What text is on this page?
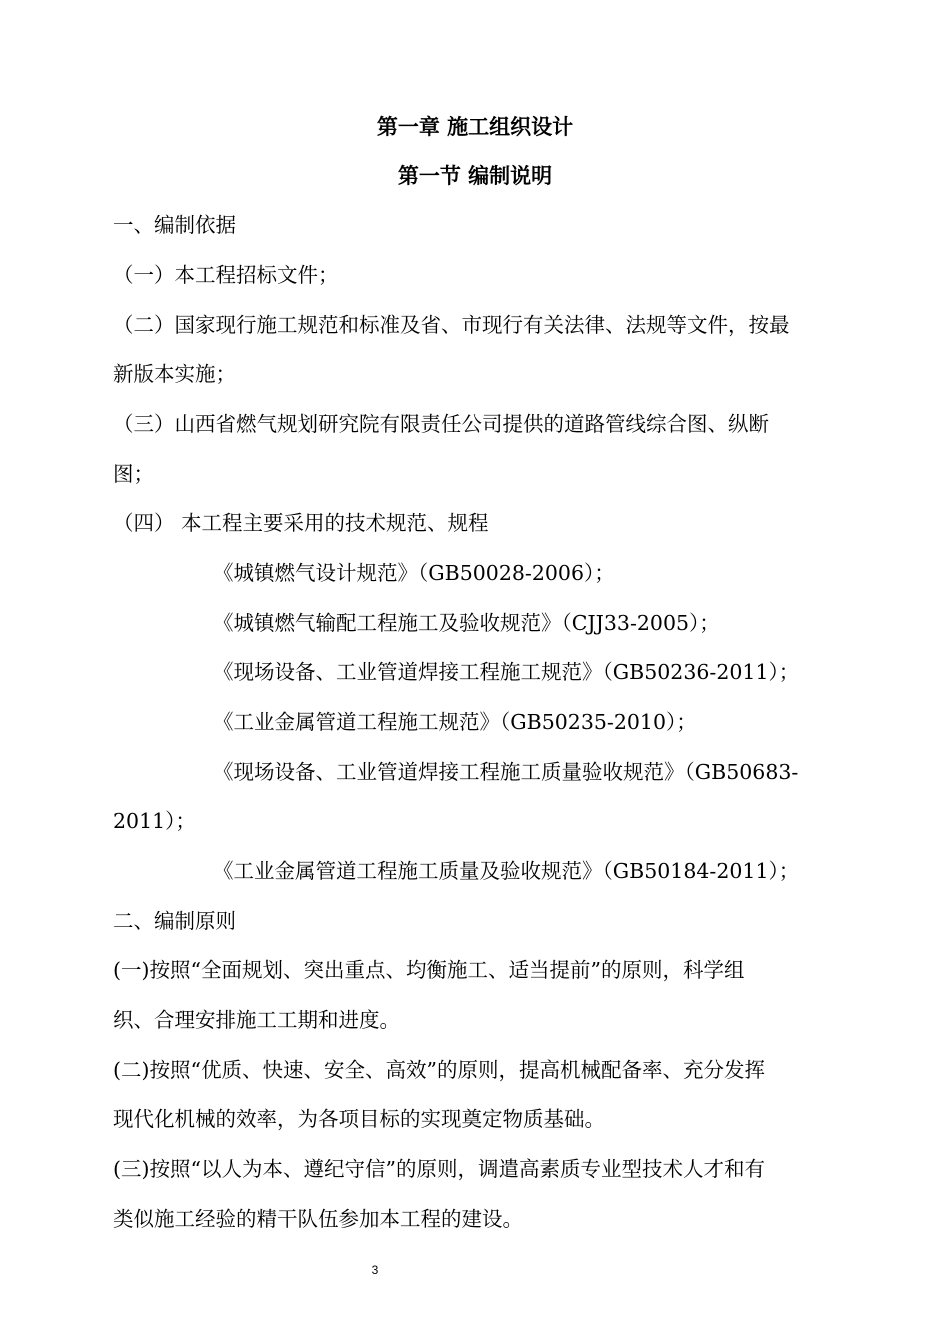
第一章 施工组织设计
第一节 编制说明
一、编制依据
（一）本工程招标文件；
（二）国家现行施工规范和标准及省、市现行有关法律、法规等文件，按最
新版本实施；
（三）山西省燃气规划研究院有限责任公司提供的道路管线综合图、纵断
图；
（四） 本工程主要采用的技术规范、规程
《城镇燃气设计规范》（GB50028-2006）；
《城镇燃气输配工程施工及验收规范》（CJJ33-2005）；
《现场设备、工业管道焊接工程施工规范》（GB50236-2011）；
《工业金属管道工程施工规范》（GB50235-2010）；
《现场设备、工业管道焊接工程施工质量验收规范》（GB50683-
2011）；
《工业金属管道工程施工质量及验收规范》（GB50184-2011）；
二、编制原则
(一)按照“全面规划、突出重点、均衡施工、适当提前”的原则，科学组
织、合理安排施工工期和进度。
(二)按照“优质、快速、安全、高效”的原则，提高机械配备率、充分发挥
现代化机械的效率，为各项目标的实现奠定物质基础。
(三)按照“以人为本、遵纪守信”的原则，调遣高素质专业型技术人才和有
类似施工经验的精干队伍参加本工程的建设。
3
